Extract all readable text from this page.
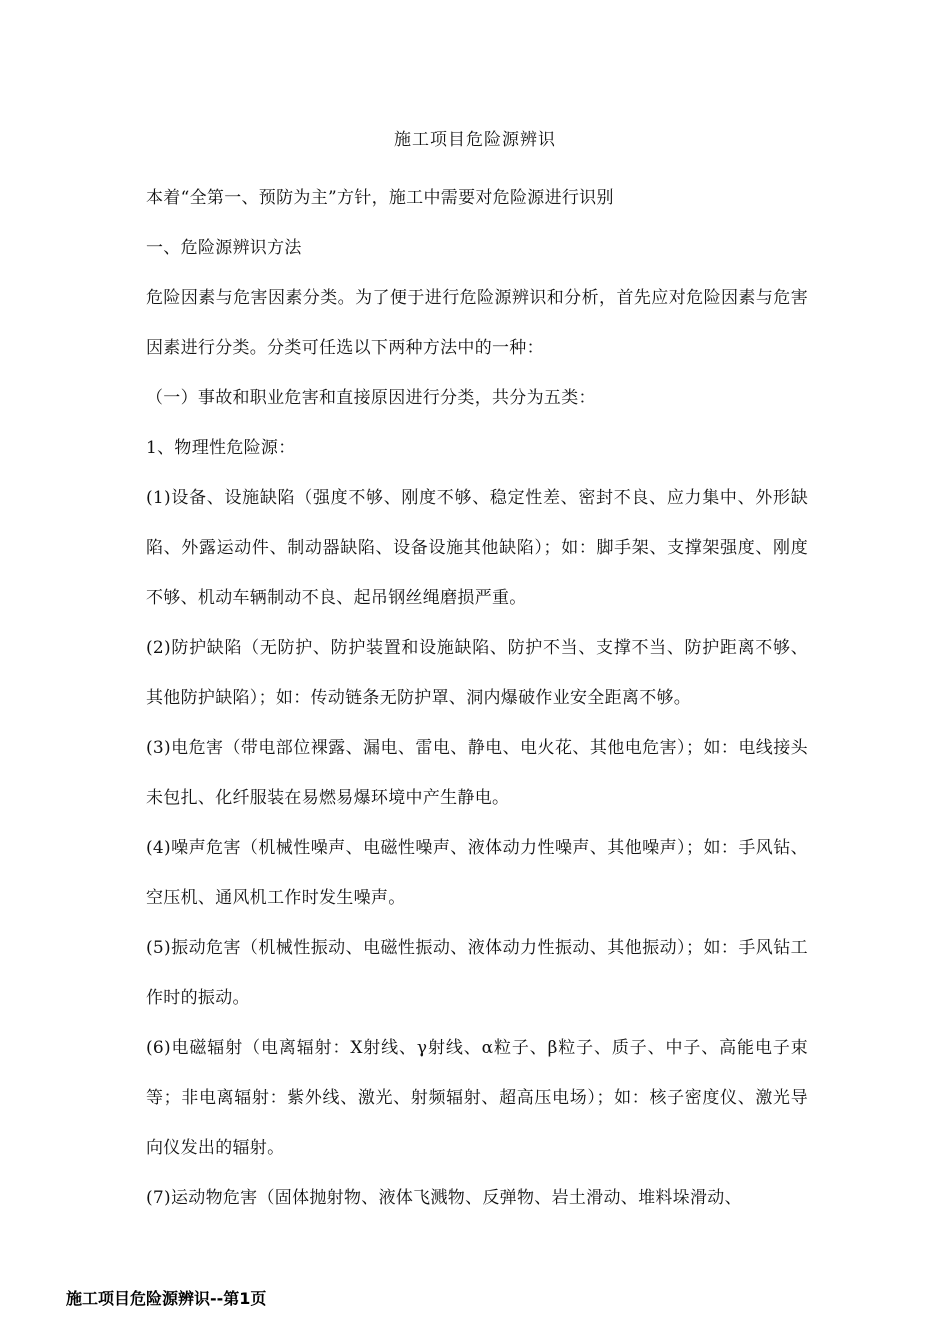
施工项目危险源辨识

本着“全第一、预防为主”方针，施工中需要对危险源进行识别

一、危险源辨识方法

危险因素与危害因素分类。为了便于进行危险源辨识和分析，首先应对危险因素与危害因素进行分类。分类可任选以下两种方法中的一种：

（一）事故和职业危害和直接原因进行分类，共分为五类：

1、物理性危险源：

(1)设备、设施缺陷（强度不够、刚度不够、稳定性差、密封不良、应力集中、外形缺陷、外露运动件、制动器缺陷、设备设施其他缺陷）；如：脚手架、支撑架强度、刚度不够、机动车辆制动不良、起吊钢丝绳磨损严重。

(2)防护缺陷（无防护、防护装置和设施缺陷、防护不当、支撑不当、防护距离不够、其他防护缺陷）；如：传动链条无防护罩、洞内爆破作业安全距离不够。

(3)电危害（带电部位裸露、漏电、雷电、静电、电火花、其他电危害）；如：电线接头未包扎、化纤服装在易燃易爆环境中产生静电。

(4)噪声危害（机械性噪声、电磁性噪声、液体动力性噪声、其他噪声）；如：手风钻、空压机、通风机工作时发生噪声。

(5)振动危害（机械性振动、电磁性振动、液体动力性振动、其他振动）；如：手风钻工作时的振动。

(6)电磁辐射（电离辐射：X射线、γ射线、α粒子、β粒子、质子、中子、高能电子束等；非电离辐射：紫外线、激光、射频辐射、超高压电场）；如：核子密度仪、激光导向仪发出的辐射。

(7)运动物危害（固体抛射物、液体飞溅物、反弹物、岩土滑动、堆料垛滑动、

施工项目危险源辨识--第1页
